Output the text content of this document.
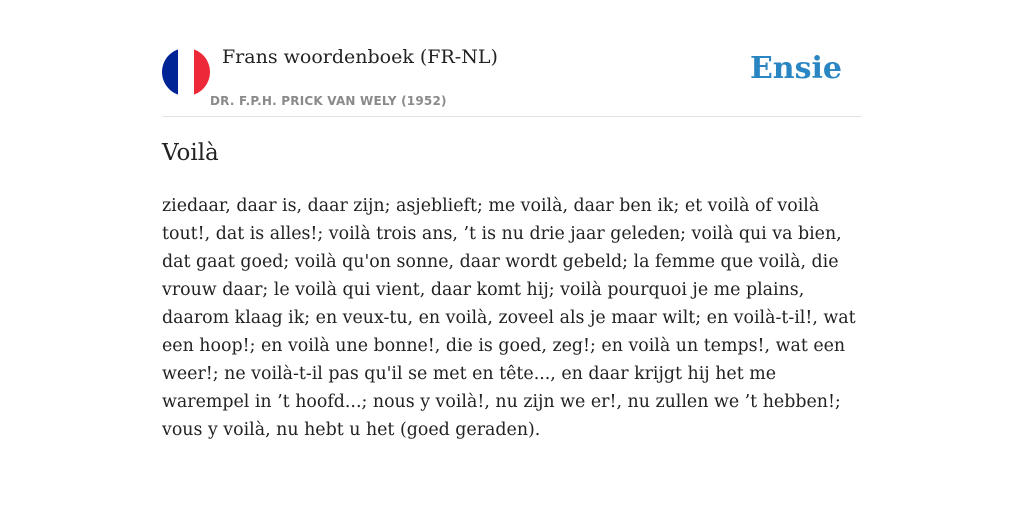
Frans woordenboek (FR-NL)
DR. F.P.H. PRICK VAN WELY (1952)
Ensie
Voilà

ziedaar, daar is, daar zijn; asjeblieft; me voilà, daar ben ik; et voilà of voilà tout!, dat is alles!; voilà trois ans, ’t is nu drie jaar geleden; voilà qui va bien, dat gaat goed; voilà qu'on sonne, daar wordt gebeld; la femme que voilà, die vrouw daar; le voilà qui vient, daar komt hij; voilà pourquoi je me plains, daarom klaag ik; en veux-tu, en voilà, zoveel als je maar wilt; en voilà-t-il!, wat een hoop!; en voilà une bonne!, die is goed, zeg!; en voilà un temps!, wat een weer!; ne voilà-t-il pas qu'il se met en tête..., en daar krijgt hij het me warempel in ’t hoofd...; nous y voilà!, nu zijn we er!, nu zullen we ’t hebben!; vous y voilà, nu hebt u het (goed geraden).
